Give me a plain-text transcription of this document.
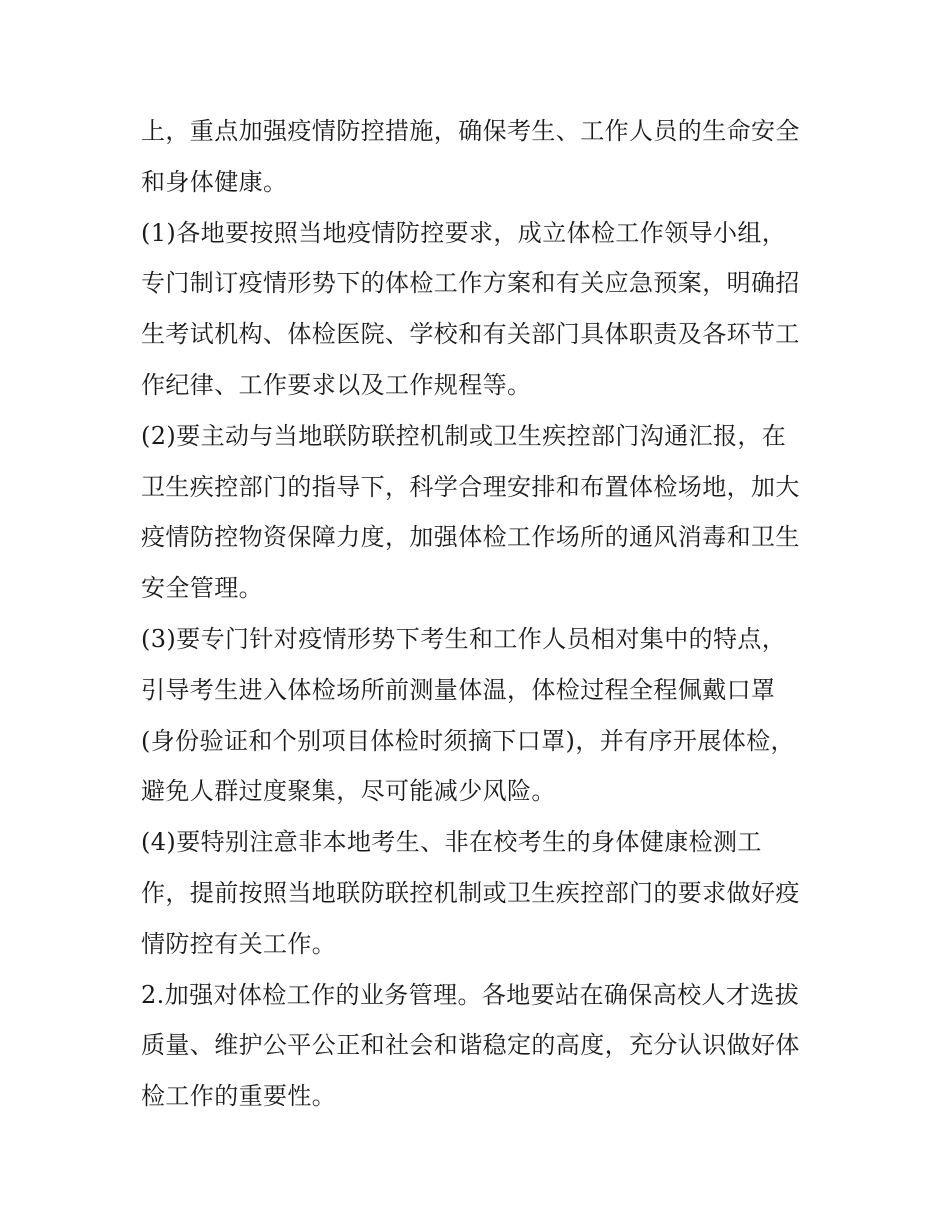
上，重点加强疫情防控措施，确保考生、工作人员的生命安全
和身体健康。
(1)各地要按照当地疫情防控要求，成立体检工作领导小组，
专门制订疫情形势下的体检工作方案和有关应急预案，明确招
生考试机构、体检医院、学校和有关部门具体职责及各环节工
作纪律、工作要求以及工作规程等。
(2)要主动与当地联防联控机制或卫生疾控部门沟通汇报，在
卫生疾控部门的指导下，科学合理安排和布置体检场地，加大
疫情防控物资保障力度，加强体检工作场所的通风消毒和卫生
安全管理。
(3)要专门针对疫情形势下考生和工作人员相对集中的特点，
引导考生进入体检场所前测量体温，体检过程全程佩戴口罩
(身份验证和个别项目体检时须摘下口罩)，并有序开展体检，
避免人群过度聚集，尽可能减少风险。
(4)要特别注意非本地考生、非在校考生的身体健康检测工
作，提前按照当地联防联控机制或卫生疾控部门的要求做好疫
情防控有关工作。
2.加强对体检工作的业务管理。各地要站在确保高校人才选拔
质量、维护公平公正和社会和谐稳定的高度，充分认识做好体
检工作的重要性。
